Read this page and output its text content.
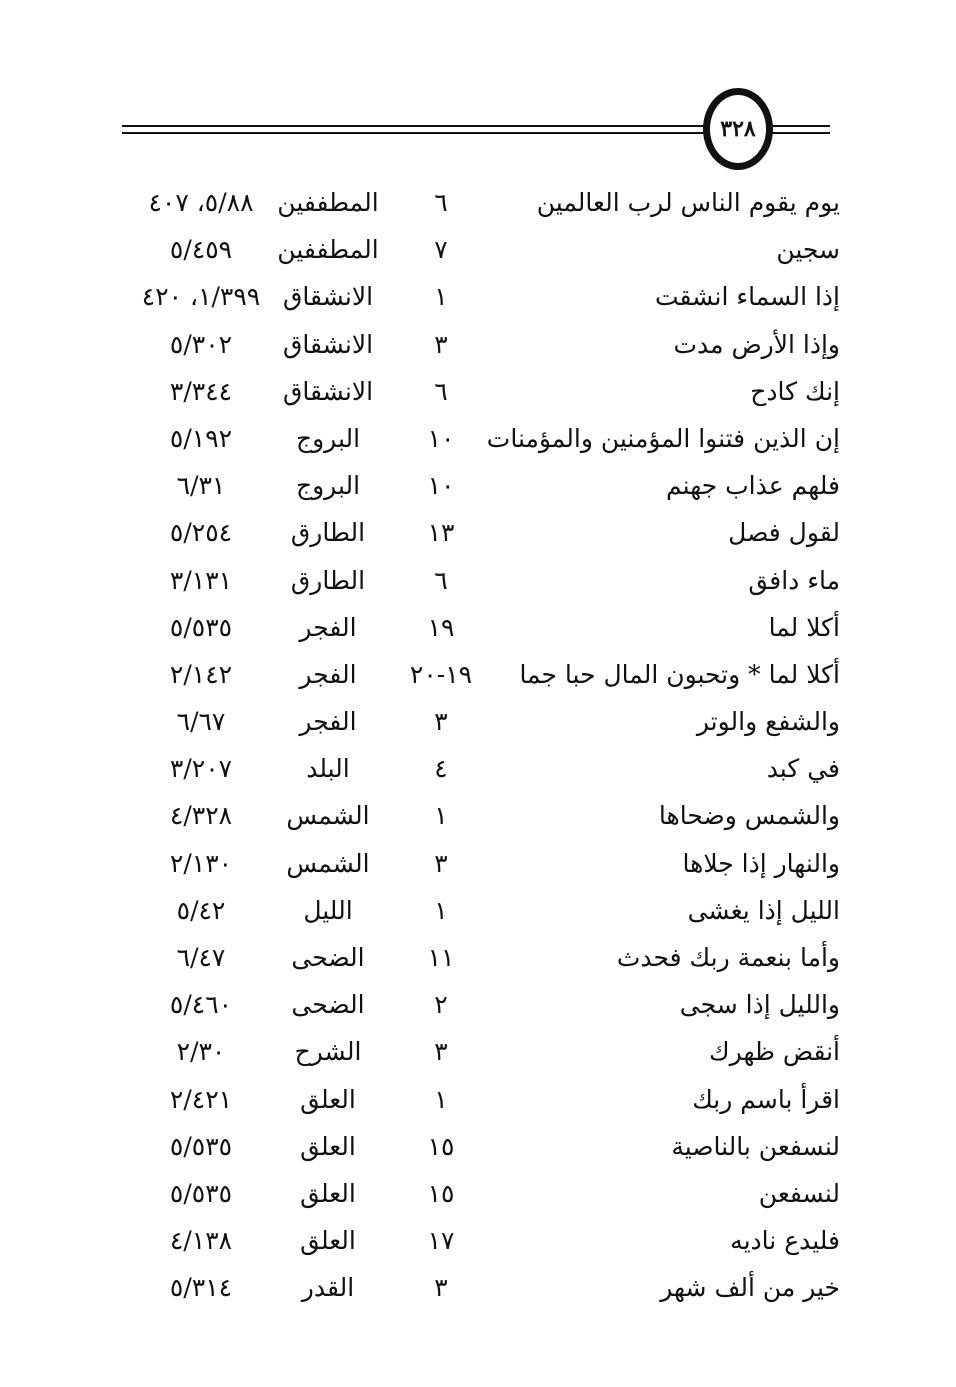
٣٢٨
يوم يقوم الناس لرب العالمين
٦
المطففين
٥/٨٨، ٤٠٧
سجين
٧
المطففين
٥/٤٥٩
إذا السماء انشقت
١
الانشقاق
١/٣٩٩، ٤٢٠
وإذا الأرض مدت
٣
الانشقاق
٥/٣٠٢
إنك كادح
٦
الانشقاق
٣/٣٤٤
إن الذين فتنوا المؤمنين والمؤمنات
١٠
البروج
٥/١٩٢
فلهم عذاب جهنم
١٠
البروج
٦/٣١
لقول فصل
١٣
الطارق
٥/٢٥٤
ماء دافق
٦
الطارق
٣/١٣١
أكلا لما
١٩
الفجر
٥/٥٣٥
أكلا لما * وتحبون المال حبا جما
١٩-٢٠
الفجر
٢/١٤٢
والشفع والوتر
٣
الفجر
٦/٦٧
في كبد
٤
البلد
٣/٢٠٧
والشمس وضحاها
١
الشمس
٤/٣٢٨
والنهار إذا جلاها
٣
الشمس
٢/١٣٠
الليل إذا يغشى
١
الليل
٥/٤٢
وأما بنعمة ربك فحدث
١١
الضحى
٦/٤٧
والليل إذا سجى
٢
الضحى
٥/٤٦٠
أنقض ظهرك
٣
الشرح
٢/٣٠
اقرأ باسم ربك
١
العلق
٢/٤٢١
لنسفعن بالناصية
١٥
العلق
٥/٥٣٥
لنسفعن
١٥
العلق
٥/٥٣٥
فليدع ناديه
١٧
العلق
٤/١٣٨
خير من ألف شهر
٣
القدر
٥/٣١٤
